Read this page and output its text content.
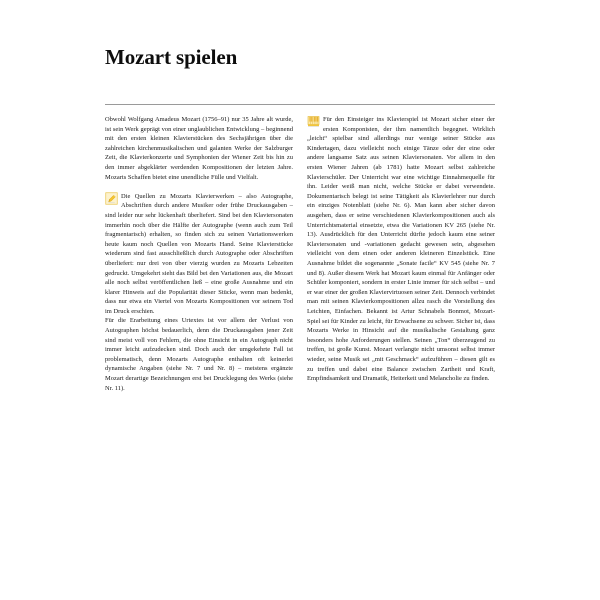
Mozart spielen

Obwohl Wolfgang Amadeus Mozart (1756–91) nur 35 Jahre alt wurde, ist sein Werk geprägt von einer unglaublichen Entwicklung – beginnend mit den ersten kleinen Klavierstücken des Sechsjährigen über die zahlreichen kirchenmusikalischen und galanten Werke der Salzburger Zeit, die Klavierkonzerte und Symphonien der Wiener Zeit bis hin zu den immer abgeklärter werdenden Kompositionen der letzten Jahre. Mozarts Schaffen bietet eine unendliche Fülle und Vielfalt.

Die Quellen zu Mozarts Klavierwerken – also Autographe, Abschriften durch andere Musiker oder frühe Druckausgaben – sind leider nur sehr lückenhaft überliefert. Sind bei den Klaviersonaten immerhin noch über die Hälfte der Autographe (wenn auch zum Teil fragmentarisch) erhalten, so finden sich zu seinen Variationswerken heute kaum noch Quellen von Mozarts Hand. Seine Klavierstücke wiederum sind fast ausschließlich durch Autographe oder Abschriften überliefert: nur drei von über vierzig wurden zu Mozarts Lebzeiten gedruckt. Umgekehrt sieht das Bild bei den Variationen aus, die Mozart alle noch selbst veröffentlichen ließ – eine große Ausnahme und ein klarer Hinweis auf die Popularität dieser Stücke, wenn man bedenkt, dass nur etwa ein Viertel von Mozarts Kompositionen vor seinem Tod im Druck erschien.

Für die Erarbeitung eines Urtextes ist vor allem der Verlust von Autographen höchst bedauerlich, denn die Druckausgaben jener Zeit sind meist voll von Fehlern, die ohne Einsicht in ein Autograph nicht immer leicht aufzudecken sind. Doch auch der umgekehrte Fall ist problematisch, denn Mozarts Autographe enthalten oft keinerlei dynamische Angaben (siehe Nr. 7 und Nr. 8) – meistens ergänzte Mozart derartige Bezeichnungen erst bei Drucklegung des Werks (siehe Nr. 11).

Für den Einsteiger ins Klavierspiel ist Mozart sicher einer der ersten Komponisten, der ihm namentlich begegnet. Wirklich „leicht“ spielbar sind allerdings nur wenige seiner Stücke aus Kindertagen, dazu vielleicht noch einige Tänze oder der eine oder andere langsame Satz aus seinen Klaviersonaten. Vor allem in den ersten Wiener Jahren (ab 1781) hatte Mozart selbst zahlreiche Klavierschüler. Der Unterricht war eine wichtige Einnahmequelle für ihn. Leider weiß man nicht, welche Stücke er dabei verwendete. Dokumentarisch belegt ist seine Tätigkeit als Klavierlehrer nur durch ein einziges Notenblatt (siehe Nr. 6). Man kann aber sicher davon ausgehen, dass er seine verschiedenen Klavierkompositionen auch als Unterrichtsmaterial einsetzte, etwa die Variationen KV 265 (siehe Nr. 13). Ausdrücklich für den Unterricht dürfte jedoch kaum eine seiner Klaviersonaten und -variationen gedacht gewesen sein, abgesehen vielleicht von dem einen oder anderen kleineren Einzelstück. Eine Ausnahme bildet die sogenannte „Sonate facile“ KV 545 (siehe Nr. 7 und 8). Außer diesem Werk hat Mozart kaum einmal für Anfänger oder Schüler komponiert, sondern in erster Linie immer für sich selbst – und er war einer der großen Klaviervirtuosen seiner Zeit. Dennoch verbindet man mit seinen Klavierkompositionen allzu rasch die Vorstellung des Leichten, Einfachen. Bekannt ist Artur Schnabels Bonmot, Mozart-Spiel sei für Kinder zu leicht, für Erwachsene zu schwer. Sicher ist, dass Mozarts Werke in Hinsicht auf die musikalische Gestaltung ganz besonders hohe Anforderungen stellen. Seinen „Ton“ überzeugend zu treffen, ist große Kunst. Mozart verlangte nicht umsonst selbst immer wieder, seine Musik sei „mit Geschmack“ aufzuführen – diesen gilt es zu treffen und dabei eine Balance zwischen Zartheit und Kraft, Empfindsamkeit und Dramatik, Heiterkeit und Melancholie zu finden.
